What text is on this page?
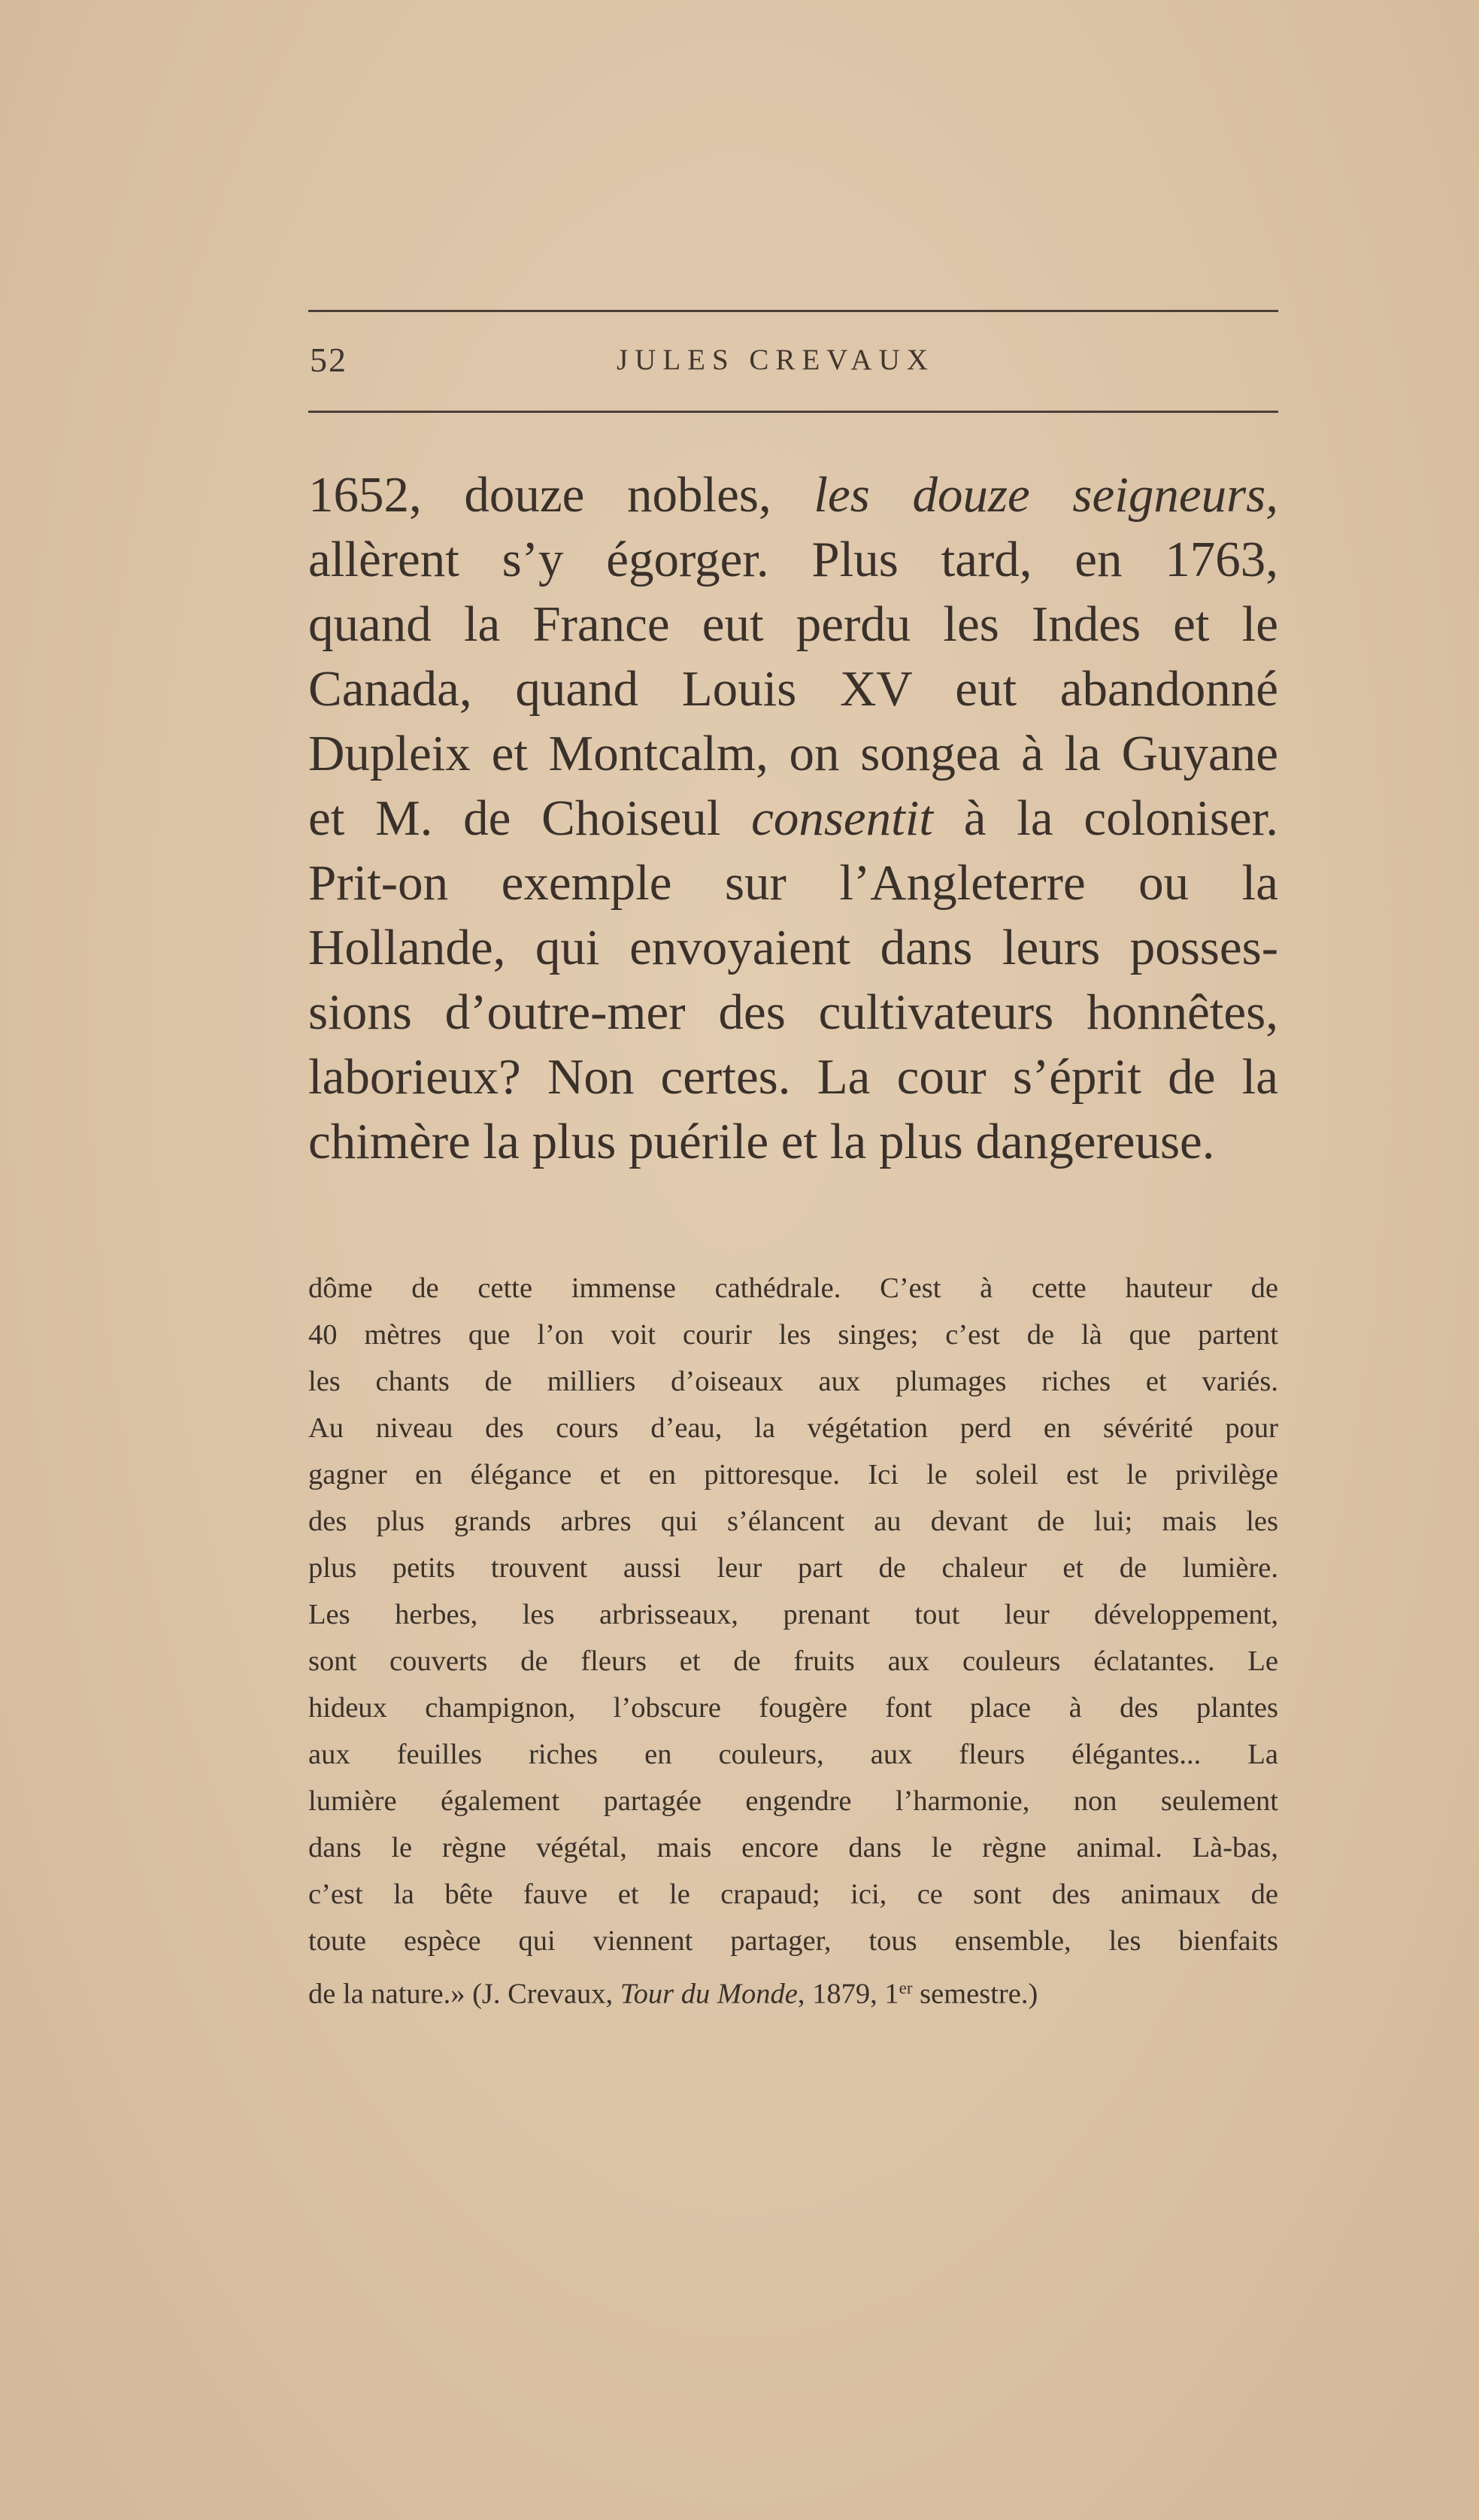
52	JULES CREVAUX
1652, douze nobles, les douze seigneurs,
allèrent s’y égorger. Plus tard, en 1763,
quand la France eut perdu les Indes et le
Canada, quand Louis XV eut abandonné
Dupleix et Montcalm, on songea à la Guyane
et M. de Choiseul consentit à la coloniser.
Prit-on exemple sur l’Angleterre ou la
Hollande, qui envoyaient dans leurs posses-
sions d’outre-mer des cultivateurs honnêtes,
laborieux? Non certes. La cour s’éprit de la
chimère la plus puérile et la plus dangereuse.
dôme de cette immense cathédrale. C’est à cette hauteur de
40 mètres que l’on voit courir les singes; c’est de là que partent
les chants de milliers d’oiseaux aux plumages riches et variés.
Au niveau des cours d’eau, la végétation perd en sévérité pour
gagner en élégance et en pittoresque. Ici le soleil est le privilège
des plus grands arbres qui s’élancent au devant de lui; mais les
plus petits trouvent aussi leur part de chaleur et de lumière.
Les herbes, les arbrisseaux, prenant tout leur développement,
sont couverts de fleurs et de fruits aux couleurs éclatantes. Le
hideux champignon, l’obscure fougère font place à des plantes
aux feuilles riches en couleurs, aux fleurs élégantes... La
lumière également partagée engendre l’harmonie, non seulement
dans le règne végétal, mais encore dans le règne animal. Là-bas,
c’est la bête fauve et le crapaud; ici, ce sont des animaux de
toute espèce qui viennent partager, tous ensemble, les bienfaits
de la nature.» (J. Crevaux, Tour du Monde, 1879, 1er semestre.)
